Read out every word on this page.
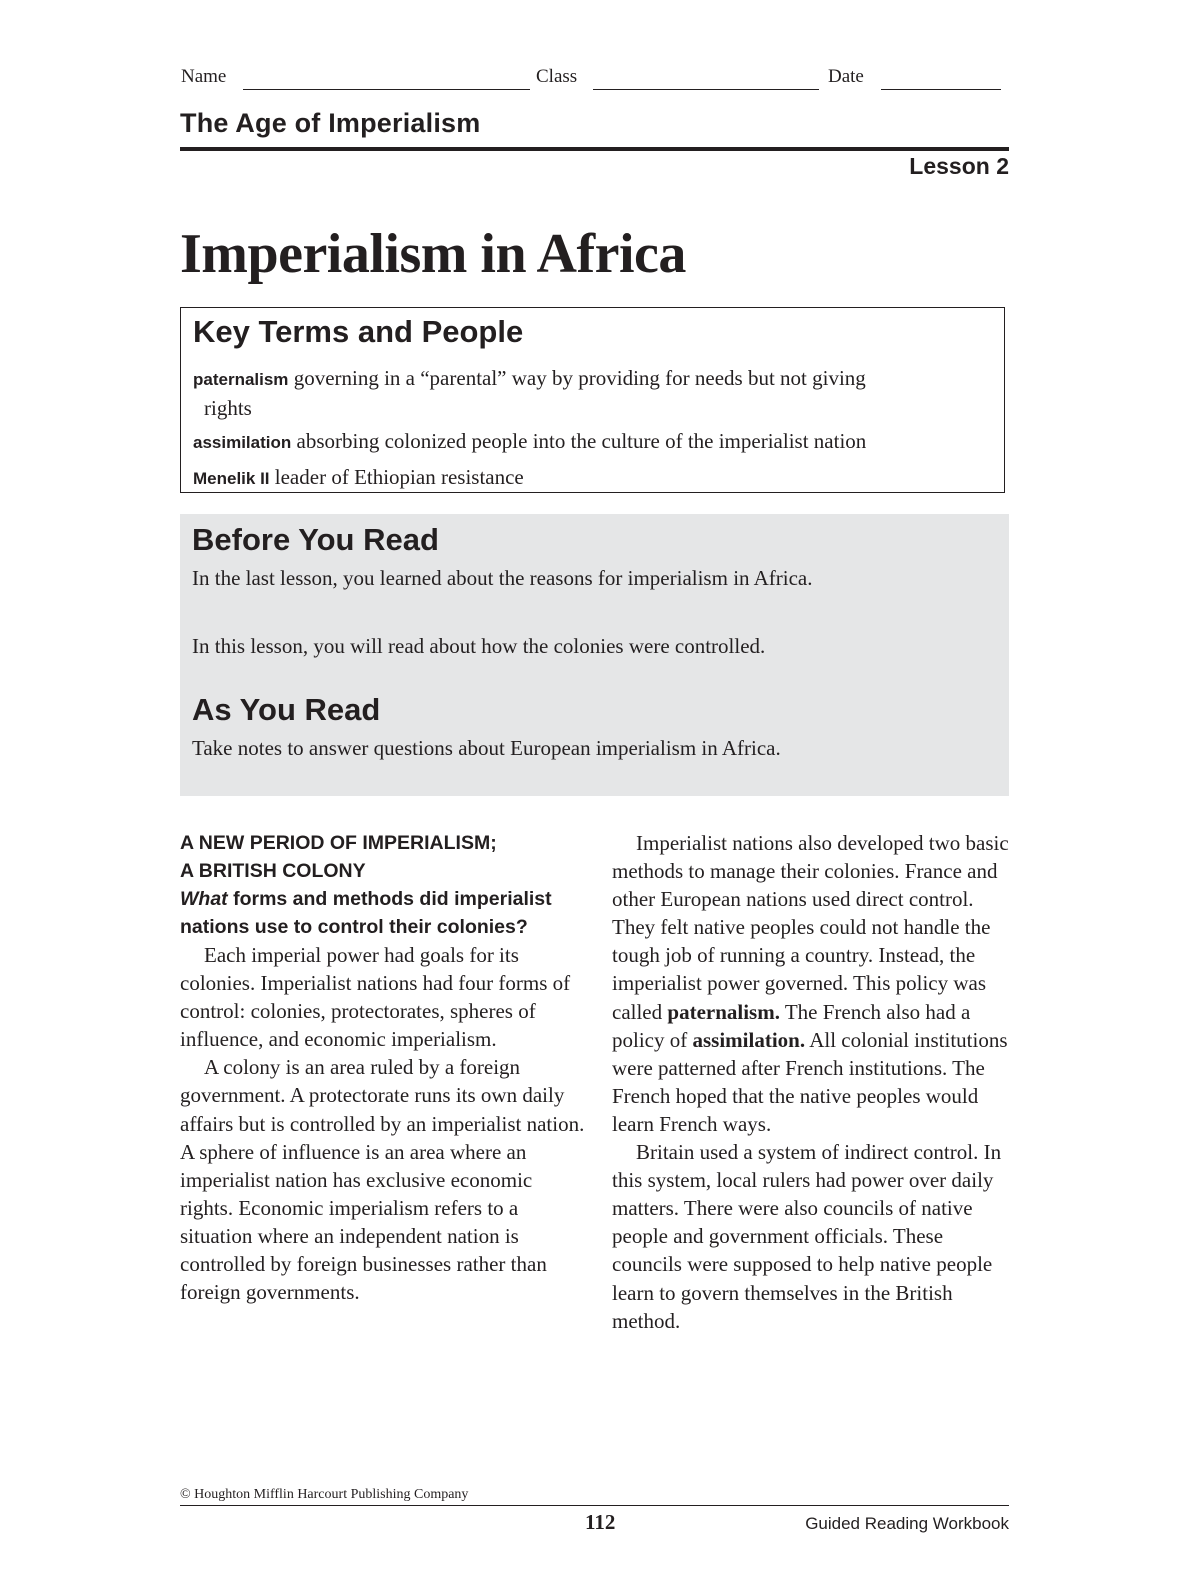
Name	Class	Date
The Age of Imperialism
Lesson 2
Imperialism in Africa
Key Terms and People
paternalism governing in a “parental” way by providing for needs but not giving
rights
assimilation absorbing colonized people into the culture of the imperialist nation
Menelik II leader of Ethiopian resistance
Before You Read

In the last lesson, you learned about the reasons for imperialism in Africa.

In this lesson, you will read about how the colonies were controlled.

As You Read

Take notes to answer questions about European imperialism in Africa.

A NEW PERIOD OF IMPERIALISM;
A BRITISH COLONY
What forms and methods did imperialist nations use to control their colonies?

Each imperial power had goals for its colonies. Imperialist nations had four forms of control: colonies, protectorates, spheres of influence, and economic imperialism.

A colony is an area ruled by a foreign government. A protectorate runs its own daily affairs but is controlled by an imperialist nation. A sphere of influence is an area where an imperialist nation has exclusive economic rights. Economic imperialism refers to a situation where an independent nation is controlled by foreign businesses rather than foreign governments.

Imperialist nations also developed two basic methods to manage their colonies. France and other European nations used direct control. They felt native peoples could not handle the tough job of running a country. Instead, the imperialist power governed. This policy was called paternalism. The French also had a policy of assimilation. All colonial institutions were patterned after French institutions. The French hoped that the native peoples would learn French ways.

Britain used a system of indirect control. In this system, local rulers had power over daily matters. There were also councils of native people and government officials. These councils were supposed to help native people learn to govern themselves in the British method.

© Houghton Mifflin Harcourt Publishing Company
112	Guided Reading Workbook
